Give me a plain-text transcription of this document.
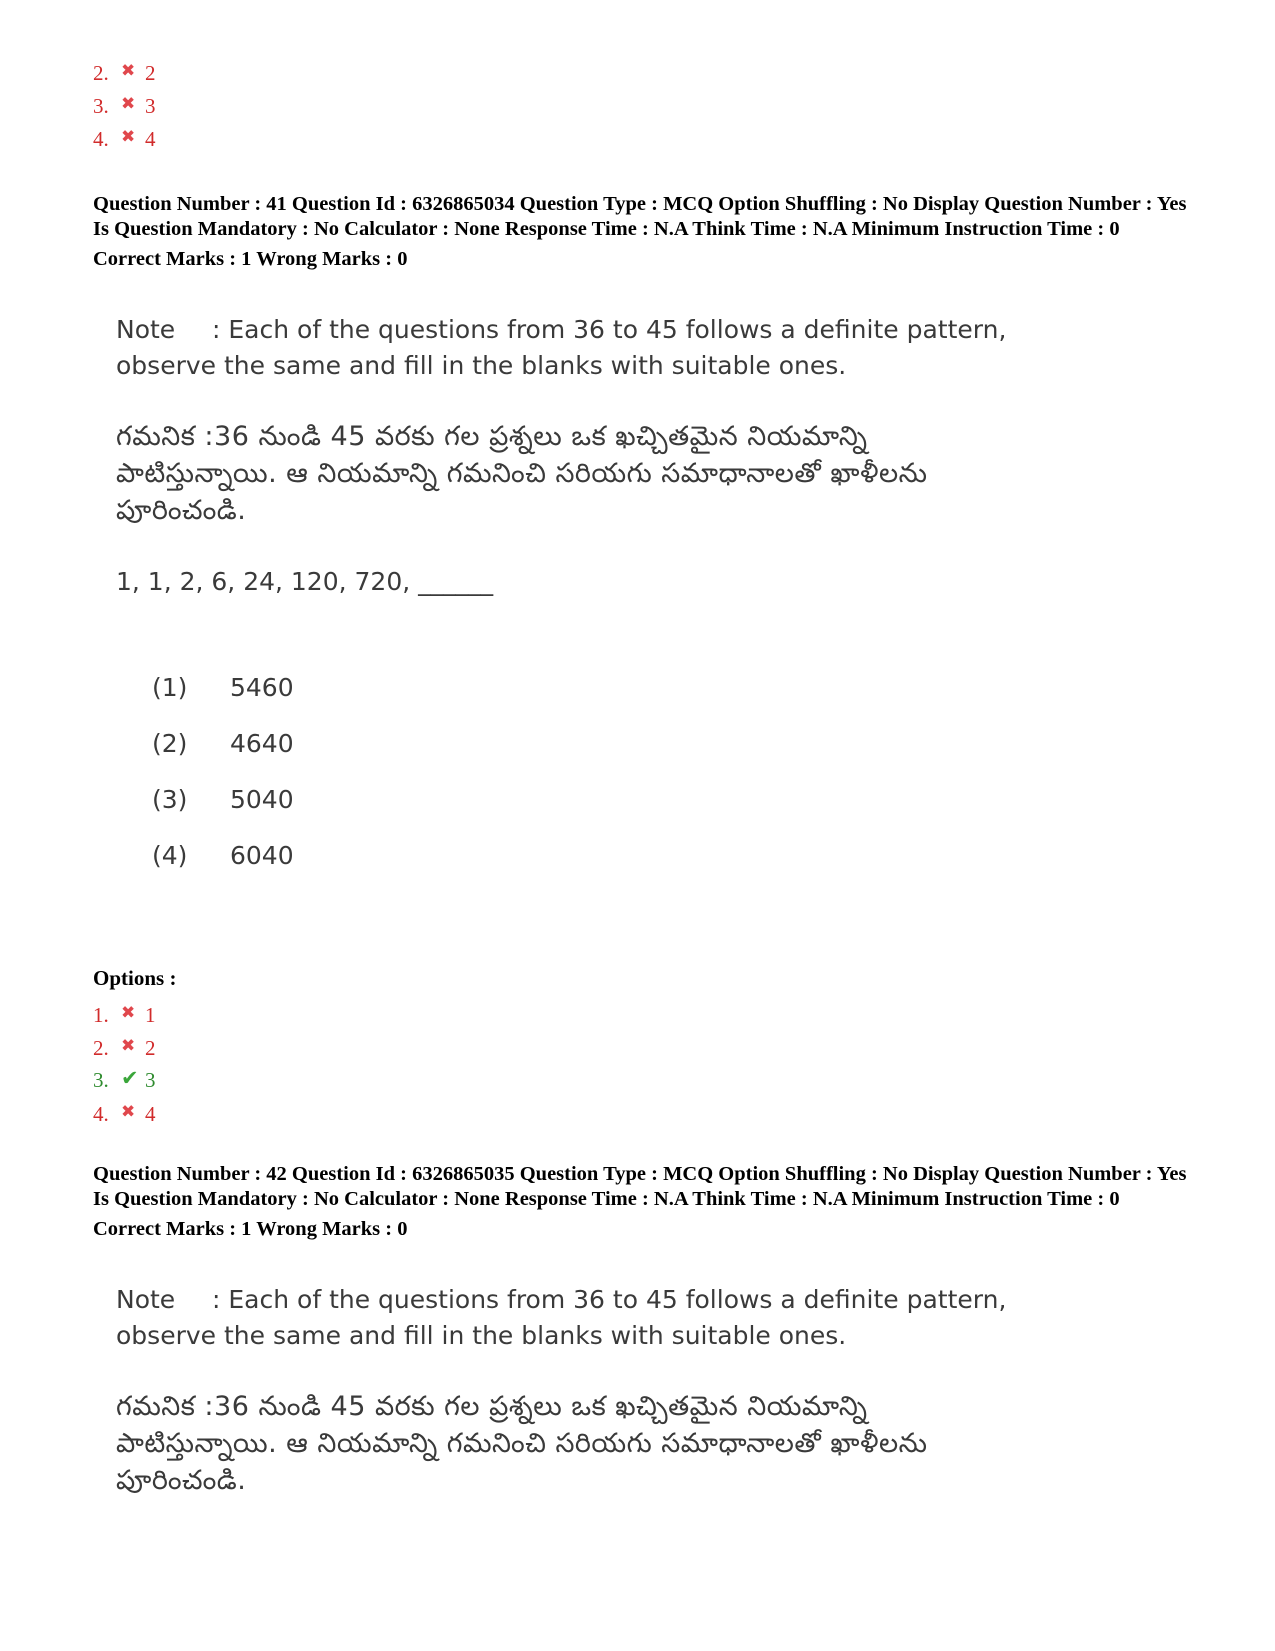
2. ✖ 2
3. ✖ 3
4. ✖ 4

Question Number : 41 Question Id : 6326865034 Question Type : MCQ Option Shuffling : No Display Question Number : Yes Is Question Mandatory : No Calculator : None Response Time : N.A Think Time : N.A Minimum Instruction Time : 0

Correct Marks : 1 Wrong Marks : 0

Note : Each of the questions from 36 to 45 follows a definite pattern, observe the same and fill in the blanks with suitable ones.

గమనిక :36 నుండి 45 వరకు గల ప్రశ్నలు ఒక ఖచ్చితమైన నియమాన్ని పాటిస్తున్నాయి. ఆ నియమాన్ని గమనించి సరియగు సమాధానాలతో ఖాళీలను పూరించండి.

1, 1, 2, 6, 24, 120, 720, ______

(1) 5460
(2) 4640
(3) 5040
(4) 6040
Options :
1. ✖ 1
2. ✖ 2
3. ✔ 3
4. ✖ 4

Question Number : 42 Question Id : 6326865035 Question Type : MCQ Option Shuffling : No Display Question Number : Yes Is Question Mandatory : No Calculator : None Response Time : N.A Think Time : N.A Minimum Instruction Time : 0

Correct Marks : 1 Wrong Marks : 0

Note : Each of the questions from 36 to 45 follows a definite pattern, observe the same and fill in the blanks with suitable ones.

గమనిక :36 నుండి 45 వరకు గల ప్రశ్నలు ఒక ఖచ్చితమైన నియమాన్ని పాటిస్తున్నాయి. ఆ నియమాన్ని గమనించి సరియగు సమాధానాలతో ఖాళీలను పూరించండి.
